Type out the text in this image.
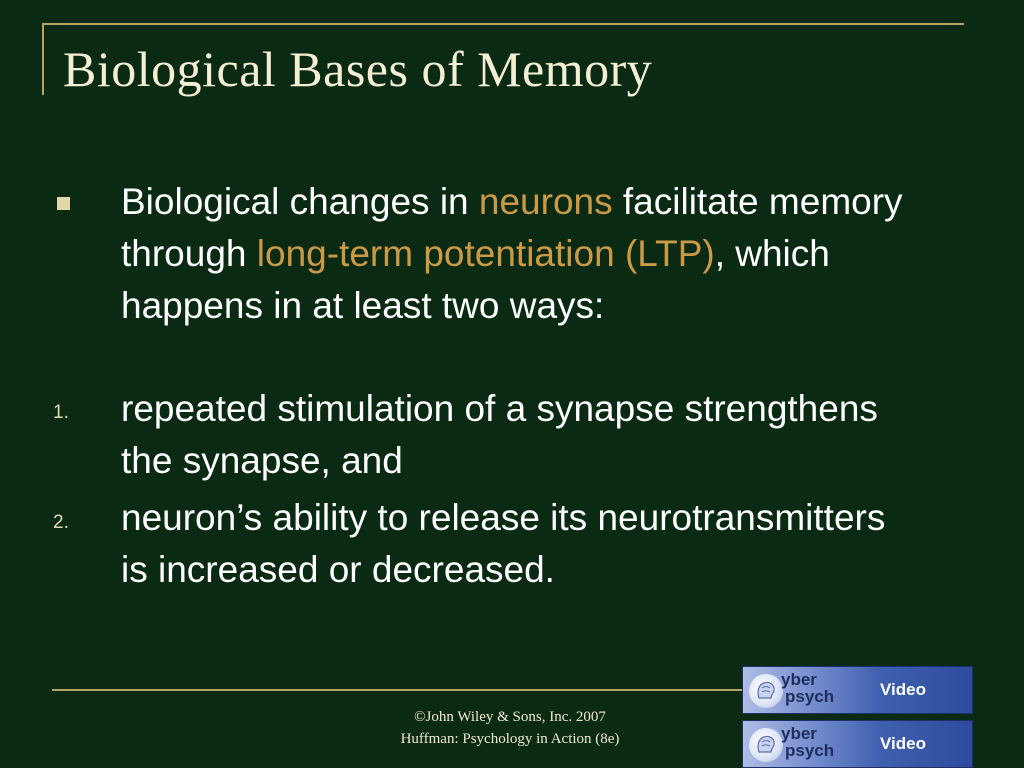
Biological Bases of Memory
Biological changes in neurons facilitate memory through long-term potentiation (LTP), which happens in at least two ways:
1. repeated stimulation of a synapse strengthens the synapse, and
2. neuron’s ability to release its neurotransmitters is increased or decreased.
©John Wiley & Sons, Inc. 2007
Huffman: Psychology in Action (8e)
yber
psych	Video
yber
psych	Video
